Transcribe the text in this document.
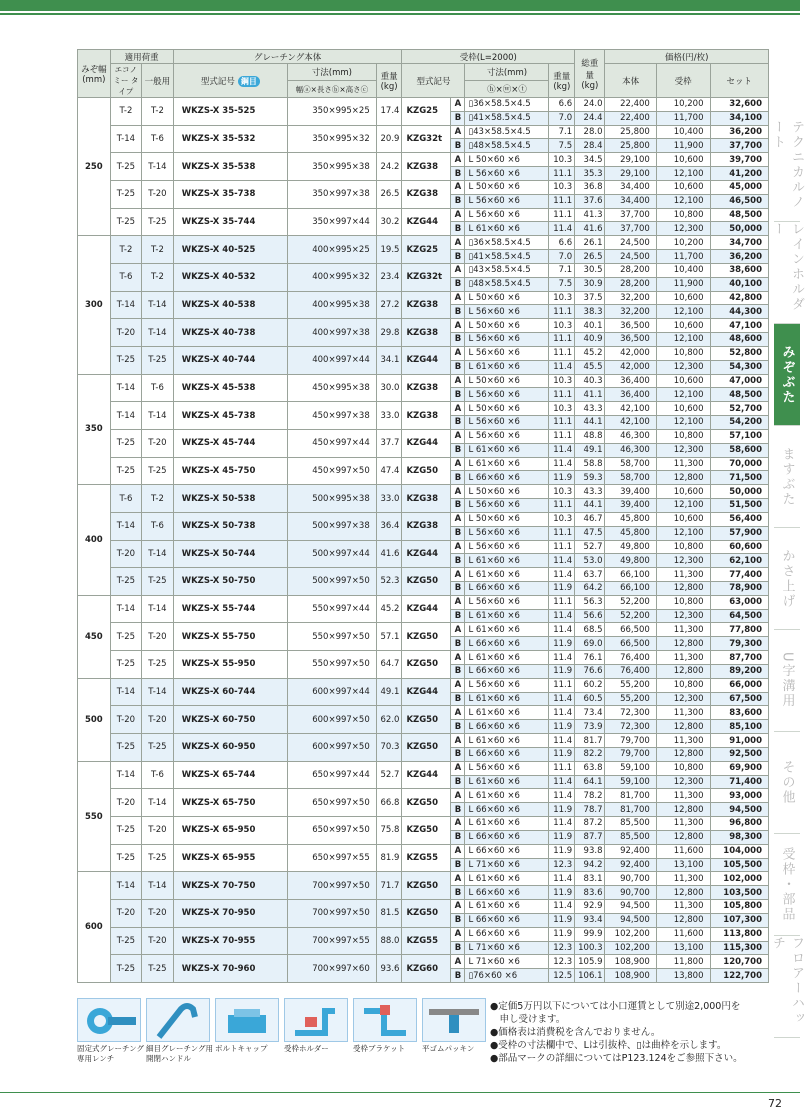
テクニカルノート
レインホルダー
みぞぶた
ますぶた
かさ上げ
U字溝用
その他
受枠・部品
フロアーハッチ
みぞ幅 (mm)	適用荷重		グレーチング本体			受枠(L=2000)				総重量 (kg)	価格(円/枚)		
	エコノミー タイプ	一般用	型式記号 鋼目	寸法(mm)	重量 (kg)	型式記号		寸法(mm)	重量 (kg)		本体	受枠	セット
				幅ⓐ×長さⓑ×高さⓒ				ⓗ×ⓦ×ⓣ					
250	T-2	T-2	WKZS-X 35-525	350×995×25	17.4	KZG25	A	▯36×58.5×4.5	6.6	24.0	22,400	10,200	32,600
							B	▯41×58.5×4.5	7.0	24.4	22,400	11,700	34,100
	T-14	T-6	WKZS-X 35-532	350×995×32	20.9	KZG32t	A	▯43×58.5×4.5	7.1	28.0	25,800	10,400	36,200
							B	▯48×58.5×4.5	7.5	28.4	25,800	11,900	37,700
	T-25	T-14	WKZS-X 35-538	350×995×38	24.2	KZG38	A	L 50×60 ×6	10.3	34.5	29,100	10,600	39,700
							B	L 56×60 ×6	11.1	35.3	29,100	12,100	41,200
	T-25	T-20	WKZS-X 35-738	350×997×38	26.5	KZG38	A	L 50×60 ×6	10.3	36.8	34,400	10,600	45,000
							B	L 56×60 ×6	11.1	37.6	34,400	12,100	46,500
	T-25	T-25	WKZS-X 35-744	350×997×44	30.2	KZG44	A	L 56×60 ×6	11.1	41.3	37,700	10,800	48,500
							B	L 61×60 ×6	11.4	41.6	37,700	12,300	50,000
300	T-2	T-2	WKZS-X 40-525	400×995×25	19.5	KZG25	A	▯36×58.5×4.5	6.6	26.1	24,500	10,200	34,700
							B	▯41×58.5×4.5	7.0	26.5	24,500	11,700	36,200
	T-6	T-2	WKZS-X 40-532	400×995×32	23.4	KZG32t	A	▯43×58.5×4.5	7.1	30.5	28,200	10,400	38,600
							B	▯48×58.5×4.5	7.5	30.9	28,200	11,900	40,100
	T-14	T-14	WKZS-X 40-538	400×995×38	27.2	KZG38	A	L 50×60 ×6	10.3	37.5	32,200	10,600	42,800
							B	L 56×60 ×6	11.1	38.3	32,200	12,100	44,300
	T-20	T-14	WKZS-X 40-738	400×997×38	29.8	KZG38	A	L 50×60 ×6	10.3	40.1	36,500	10,600	47,100
							B	L 56×60 ×6	11.1	40.9	36,500	12,100	48,600
	T-25	T-25	WKZS-X 40-744	400×997×44	34.1	KZG44	A	L 56×60 ×6	11.1	45.2	42,000	10,800	52,800
							B	L 61×60 ×6	11.4	45.5	42,000	12,300	54,300
350	T-14	T-6	WKZS-X 45-538	450×995×38	30.0	KZG38	A	L 50×60 ×6	10.3	40.3	36,400	10,600	47,000
							B	L 56×60 ×6	11.1	41.1	36,400	12,100	48,500
	T-14	T-14	WKZS-X 45-738	450×997×38	33.0	KZG38	A	L 50×60 ×6	10.3	43.3	42,100	10,600	52,700
							B	L 56×60 ×6	11.1	44.1	42,100	12,100	54,200
	T-25	T-20	WKZS-X 45-744	450×997×44	37.7	KZG44	A	L 56×60 ×6	11.1	48.8	46,300	10,800	57,100
							B	L 61×60 ×6	11.4	49.1	46,300	12,300	58,600
	T-25	T-25	WKZS-X 45-750	450×997×50	47.4	KZG50	A	L 61×60 ×6	11.4	58.8	58,700	11,300	70,000
							B	L 66×60 ×6	11.9	59.3	58,700	12,800	71,500
400	T-6	T-2	WKZS-X 50-538	500×995×38	33.0	KZG38	A	L 50×60 ×6	10.3	43.3	39,400	10,600	50,000
							B	L 56×60 ×6	11.1	44.1	39,400	12,100	51,500
	T-14	T-6	WKZS-X 50-738	500×997×38	36.4	KZG38	A	L 50×60 ×6	10.3	46.7	45,800	10,600	56,400
							B	L 56×60 ×6	11.1	47.5	45,800	12,100	57,900
	T-20	T-14	WKZS-X 50-744	500×997×44	41.6	KZG44	A	L 56×60 ×6	11.1	52.7	49,800	10,800	60,600
							B	L 61×60 ×6	11.4	53.0	49,800	12,300	62,100
	T-25	T-25	WKZS-X 50-750	500×997×50	52.3	KZG50	A	L 61×60 ×6	11.4	63.7	66,100	11,300	77,400
							B	L 66×60 ×6	11.9	64.2	66,100	12,800	78,900
450	T-14	T-14	WKZS-X 55-744	550×997×44	45.2	KZG44	A	L 56×60 ×6	11.1	56.3	52,200	10,800	63,000
							B	L 61×60 ×6	11.4	56.6	52,200	12,300	64,500
	T-25	T-20	WKZS-X 55-750	550×997×50	57.1	KZG50	A	L 61×60 ×6	11.4	68.5	66,500	11,300	77,800
							B	L 66×60 ×6	11.9	69.0	66,500	12,800	79,300
	T-25	T-25	WKZS-X 55-950	550×997×50	64.7	KZG50	A	L 61×60 ×6	11.4	76.1	76,400	11,300	87,700
							B	L 66×60 ×6	11.9	76.6	76,400	12,800	89,200
500	T-14	T-14	WKZS-X 60-744	600×997×44	49.1	KZG44	A	L 56×60 ×6	11.1	60.2	55,200	10,800	66,000
							B	L 61×60 ×6	11.4	60.5	55,200	12,300	67,500
	T-20	T-20	WKZS-X 60-750	600×997×50	62.0	KZG50	A	L 61×60 ×6	11.4	73.4	72,300	11,300	83,600
							B	L 66×60 ×6	11.9	73.9	72,300	12,800	85,100
	T-25	T-25	WKZS-X 60-950	600×997×50	70.3	KZG50	A	L 61×60 ×6	11.4	81.7	79,700	11,300	91,000
							B	L 66×60 ×6	11.9	82.2	79,700	12,800	92,500
550	T-14	T-6	WKZS-X 65-744	650×997×44	52.7	KZG44	A	L 56×60 ×6	11.1	63.8	59,100	10,800	69,900
							B	L 61×60 ×6	11.4	64.1	59,100	12,300	71,400
	T-20	T-14	WKZS-X 65-750	650×997×50	66.8	KZG50	A	L 61×60 ×6	11.4	78.2	81,700	11,300	93,000
							B	L 66×60 ×6	11.9	78.7	81,700	12,800	94,500
	T-25	T-20	WKZS-X 65-950	650×997×50	75.8	KZG50	A	L 61×60 ×6	11.4	87.2	85,500	11,300	96,800
							B	L 66×60 ×6	11.9	87.7	85,500	12,800	98,300
	T-25	T-25	WKZS-X 65-955	650×997×55	81.9	KZG55	A	L 66×60 ×6	11.9	93.8	92,400	11,600	104,000
							B	L 71×60 ×6	12.3	94.2	92,400	13,100	105,500
600	T-14	T-14	WKZS-X 70-750	700×997×50	71.7	KZG50	A	L 61×60 ×6	11.4	83.1	90,700	11,300	102,000
							B	L 66×60 ×6	11.9	83.6	90,700	12,800	103,500
	T-20	T-20	WKZS-X 70-950	700×997×50	81.5	KZG50	A	L 61×60 ×6	11.4	92.9	94,500	11,300	105,800
							B	L 66×60 ×6	11.9	93.4	94,500	12,800	107,300
	T-25	T-20	WKZS-X 70-955	700×997×55	88.0	KZG55	A	L 66×60 ×6	11.9	99.9	102,200	11,600	113,800
							B	L 71×60 ×6	12.3	100.3	102,200	13,100	115,300
	T-25	T-25	WKZS-X 70-960	700×997×60	93.6	KZG60	A	L 71×60 ×6	12.3	105.9	108,900	11,800	120,700
							B	▯76×60 ×6	12.5	106.1	108,900	13,800	122,700
固定式グレーチング
専用レンチ
細目グレーチング用
開閉ハンドル
ボルトキャップ	受枠ホルダー	受枠ブラケット	平ゴムパッキン

●定価5万円以下については小口運賃として別途2,000円を

　申し受けます。

●価格表は消費税を含んでおりません。

●受枠の寸法欄中で、Lは引抜枠、▯は曲枠を示します。

●部品マークの詳細についてはP123.124をご参照下さい。

72
